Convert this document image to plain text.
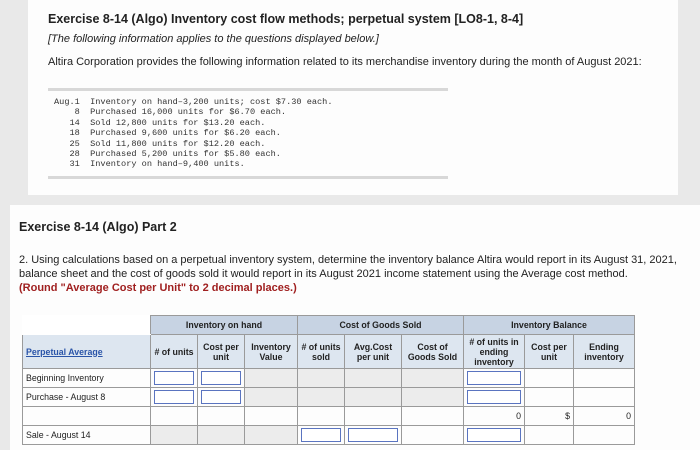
Exercise 8-14 (Algo) Inventory cost flow methods; perpetual system [LO8-1, 8-4]
[The following information applies to the questions displayed below.]
Altira Corporation provides the following information related to its merchandise inventory during the month of August 2021:
Aug.1  Inventory on hand–3,200 units; cost $7.30 each.
8  Purchased 16,000 units for $6.70 each.
14  Sold 12,800 units for $13.20 each.
18  Purchased 9,600 units for $6.20 each.
25  Sold 11,800 units for $12.20 each.
28  Purchased 5,200 units for $5.80 each.
31  Inventory on hand–9,400 units.
Exercise 8-14 (Algo) Part 2
2. Using calculations based on a perpetual inventory system, determine the inventory balance Altira would report in its August 31, 2021, balance sheet and the cost of goods sold it would report in its August 2021 income statement using the Average cost method.
(Round "Average Cost per Unit" to 2 decimal places.)
	Inventory on hand			Cost of Goods Sold			Inventory Balance		
Perpetual Average	# of units	Cost per unit	Inventory Value	# of units sold	Avg.Cost per unit	Cost of Goods Sold	# of units in ending inventory	Cost per unit	Ending inventory
Beginning Inventory	

Purchase - August 8	

							0	$	0
Sale - August 14				
